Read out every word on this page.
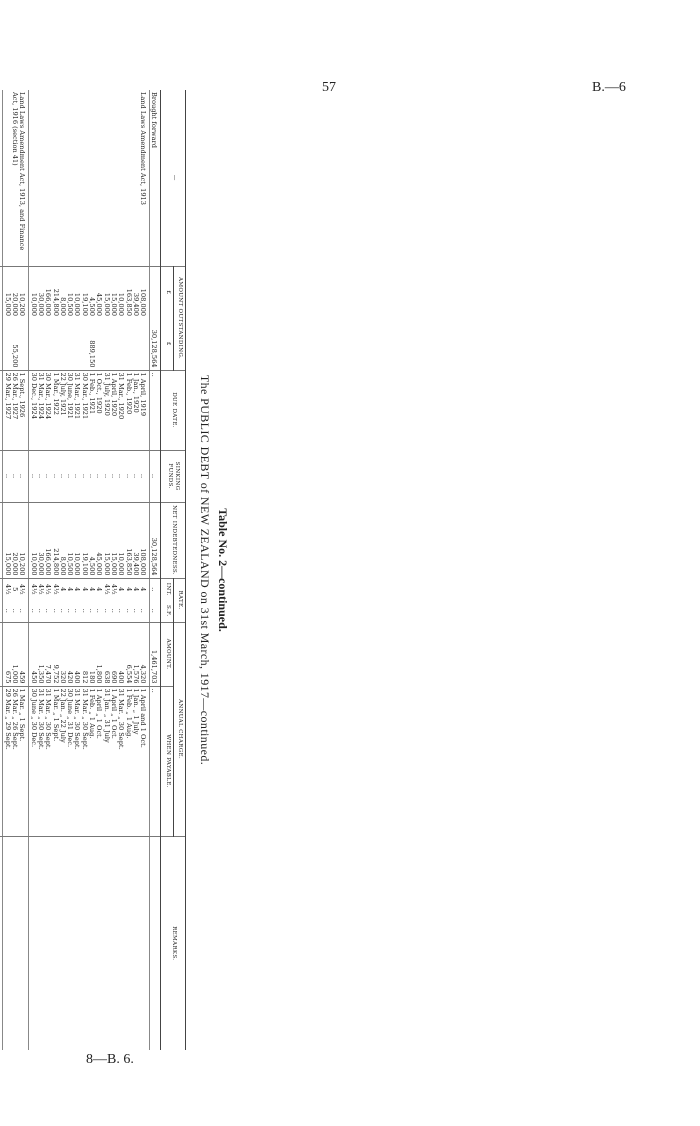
57	B.—6
8—B. 6.
Table No. 2—continued.
The PUBLIC DEBT of NEW ZEALAND on 31st March, 1917—continued.
—	AMOUNT OUTSTANDING.		DUE DATE.	SINKING FUNDS.	NET INDEBTEDNESS.	RATE.		ANNUAL CHARGE.		REMARKS.
	£	£				INT.	S.F.	AMOUNT.	WHEN PAYABLE.	
Brought forward		30,128,564	..	..	30,128,564	..	..	1,461,703	..	
Land Laws Amendment Act, 1913	108,000		1 April, 1919	..	108,000	4	..	4,320	1 April and 1 Oct.	
	39,400		1 Jan., 1920	..	39,400	4	..	1,576	1 Jan. „ 1 July	
	163,850		1 Feb., 1920	..	163,850	4	..	6,554	1 Feb. „ 1 Aug.	
	10,000		31 Mar., 1920	..	10,000	4	..	400	31 Mar. „ 30 Sept.	
	15,000		1 April, 1920	..	15,000	4½	..	690	1 April „ 1 Oct.	
	15,000		31 July, 1920	..	15,000	4½	..	638	31 Jan. „ 31 July	
	45,000		1 Oct., 1920	..	45,000	4	..	1,800	1 April „ 1 Oct.	
	4,500	889,150	1 Feb., 1921	..	4,500	4	..	180	1 Feb. „ 1 Aug.	
	19,100		30 Mar., 1921	..	19,100	4	..	812	31 Mar. „ 30 Sept.	
	10,000		31 Mar., 1921	..	10,000	4	..	400	31 Mar. „ 30 Sept.	
	10,500		30 June, 1921	..	10,500	4	..	420	30 June „ 31 Dec.	
	8,000		22 July, 1921	..	8,000	4	..	320	22 Jan. „ 22 July	
	214,800		1 Mar., 1922	..	214,800	4½	..	9,752	1 Mar. „ 1 Sept.	
	166,000		30 Mar., 1924	..	166,000	4½	..	7,470	31 Mar. „ 30 Sept.	
	30,000		31 Mar., 1924	..	30,000	4½	..	1,350	31 Mar. „ 30 Sept.	
	10,000		30 Dec., 1924	..	10,000	4½	..	450	30 June „ 30 Dec.	
Land Laws Amendment Act, 1913, and Finance Act, 1916 (section 41)	10,200		1 Sept., 1926	..	10,200	4½	..	459	1 Mar. „ 1 Sept.	
	20,000	55,200	26 Mar., 1927	..	20,000	5	..	1,000	26 Mar. „ 26 Sept.	
	15,000		29 Mar., 1927	..	15,000	4½	..	675	29 Mar. „ 29 Sept.	
